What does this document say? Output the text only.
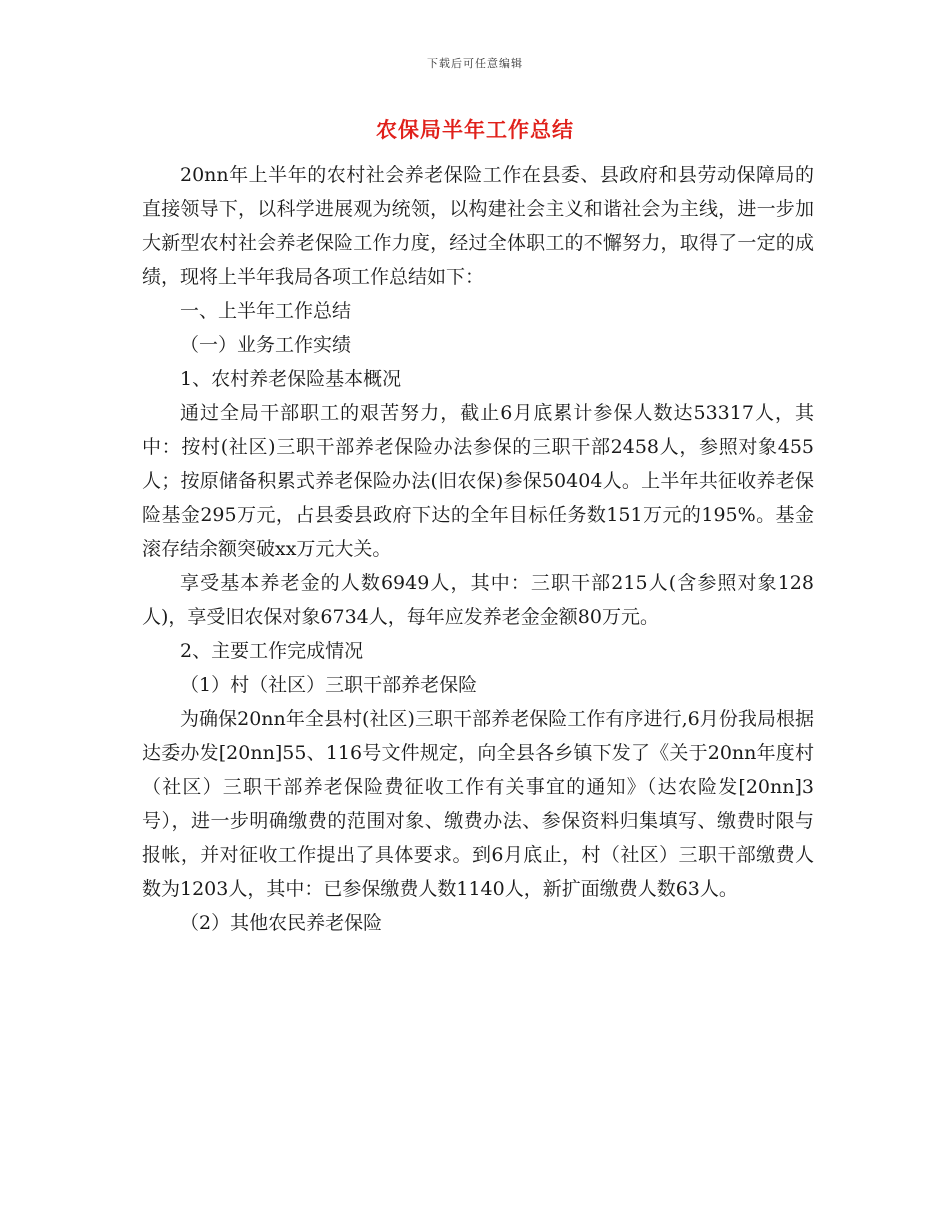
下载后可任意编辑
农保局半年工作总结

20nn年上半年的农村社会养老保险工作在县委、县政府和县劳动保障局的直接领导下，以科学进展观为统领，以构建社会主义和谐社会为主线，进一步加大新型农村社会养老保险工作力度，经过全体职工的不懈努力，取得了一定的成绩，现将上半年我局各项工作总结如下：

一、上半年工作总结

（一）业务工作实绩

1、农村养老保险基本概况

通过全局干部职工的艰苦努力，截止6月底累计参保人数达53317人，其中：按村(社区)三职干部养老保险办法参保的三职干部2458人，参照对象455人；按原储备积累式养老保险办法(旧农保)参保50404人。上半年共征收养老保险基金295万元，占县委县政府下达的全年目标任务数151万元的195%。基金滚存结余额突破xx万元大关。

享受基本养老金的人数6949人，其中：三职干部215人(含参照对象128人)，享受旧农保对象6734人，每年应发养老金金额80万元。

2、主要工作完成情况

（1）村（社区）三职干部养老保险

为确保20nn年全县村(社区)三职干部养老保险工作有序进行,6月份我局根据达委办发[20nn]55、116号文件规定，向全县各乡镇下发了《关于20nn年度村（社区）三职干部养老保险费征收工作有关事宜的通知》（达农险发[20nn]3号），进一步明确缴费的范围对象、缴费办法、参保资料归集填写、缴费时限与报帐，并对征收工作提出了具体要求。到6月底止，村（社区）三职干部缴费人数为1203人，其中：已参保缴费人数1140人，新扩面缴费人数63人。

（2）其他农民养老保险
